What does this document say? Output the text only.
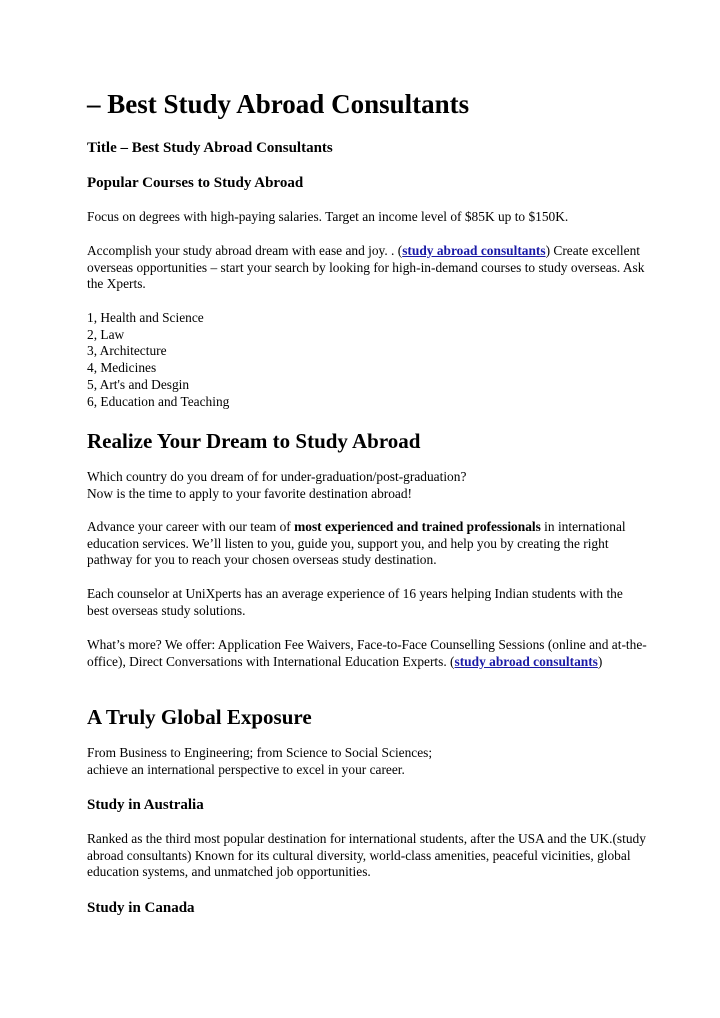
– Best Study Abroad Consultants
Title – Best Study Abroad Consultants
Popular Courses to Study Abroad

Focus on degrees with high-paying salaries. Target an income level of $85K up to $150K.

Accomplish your study abroad dream with ease and joy. . (study abroad consultants) Create excellent overseas opportunities – start your search by looking for high-in-demand courses to study overseas. Ask the Xperts.

1, Health and Science
2, Law
3, Architecture
4, Medicines
5, Art's and Desgin
6, Education and Teaching
Realize Your Dream to Study Abroad
Which country do you dream of for under-graduation/post-graduation?
Now is the time to apply to your favorite destination abroad!

Advance your career with our team of most experienced and trained professionals in international education services. We’ll listen to you, guide you, support you, and help you by creating the right pathway for you to reach your chosen overseas study destination.

Each counselor at UniXperts has an average experience of 16 years helping Indian students with the best overseas study solutions.

What’s more? We offer: Application Fee Waivers, Face-to-Face Counselling Sessions (online and at-the-office), Direct Conversations with International Education Experts. (study abroad consultants)

A Truly Global Exposure
From Business to Engineering; from Science to Social Sciences;
achieve an international perspective to excel in your career.
Study in Australia

Ranked as the third most popular destination for international students, after the USA and the UK.(study abroad consultants) Known for its cultural diversity, world-class amenities, peaceful vicinities, global education systems, and unmatched job opportunities.

Study in Canada
